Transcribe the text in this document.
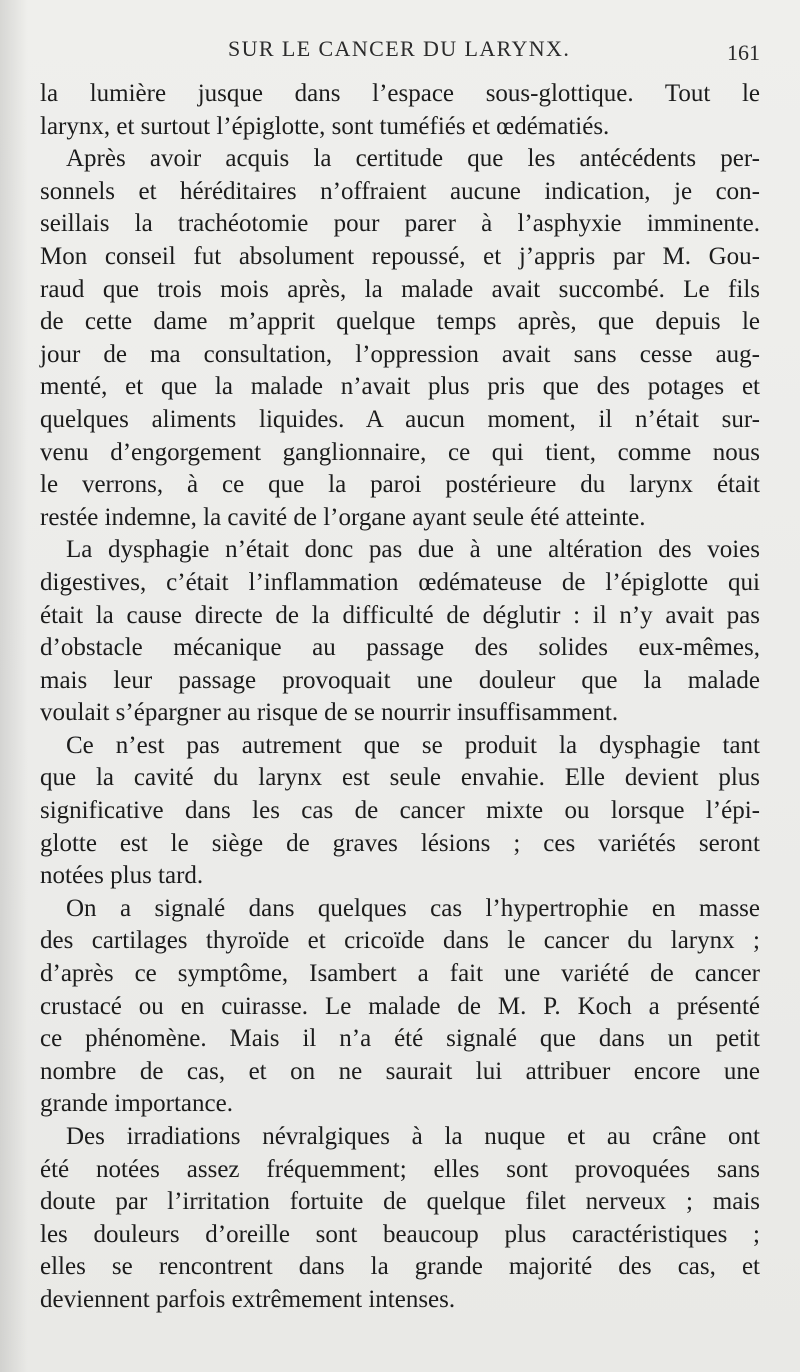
SUR LE CANCER DU LARYNX.	161

la lumière jusque dans l’espace sous-glottique. Tout le
larynx, et surtout l’épiglotte, sont tuméfiés et œdématiés.

Après avoir acquis la certitude que les antécédents per-
sonnels et héréditaires n’offraient aucune indication, je con-
seillais la trachéotomie pour parer à l’asphyxie imminente.
Mon conseil fut absolument repoussé, et j’appris par M. Gou-
raud que trois mois après, la malade avait succombé. Le fils
de cette dame m’apprit quelque temps après, que depuis le
jour de ma consultation, l’oppression avait sans cesse aug-
menté, et que la malade n’avait plus pris que des potages et
quelques aliments liquides. A aucun moment, il n’était sur-
venu d’engorgement ganglionnaire, ce qui tient, comme nous
le verrons, à ce que la paroi postérieure du larynx était
restée indemne, la cavité de l’organe ayant seule été atteinte.

La dysphagie n’était donc pas due à une altération des voies
digestives, c’était l’inflammation œdémateuse de l’épiglotte qui
était la cause directe de la difficulté de déglutir : il n’y avait pas
d’obstacle mécanique au passage des solides eux-mêmes,
mais leur passage provoquait une douleur que la malade
voulait s’épargner au risque de se nourrir insuffisamment.

Ce n’est pas autrement que se produit la dysphagie tant
que la cavité du larynx est seule envahie. Elle devient plus
significative dans les cas de cancer mixte ou lorsque l’épi-
glotte est le siège de graves lésions ; ces variétés seront
notées plus tard.

On a signalé dans quelques cas l’hypertrophie en masse
des cartilages thyroïde et cricoïde dans le cancer du larynx ;
d’après ce symptôme, Isambert a fait une variété de cancer
crustacé ou en cuirasse. Le malade de M. P. Koch a présenté
ce phénomène. Mais il n’a été signalé que dans un petit
nombre de cas, et on ne saurait lui attribuer encore une
grande importance.

Des irradiations névralgiques à la nuque et au crâne ont
été notées assez fréquemment; elles sont provoquées sans
doute par l’irritation fortuite de quelque filet nerveux ; mais
les douleurs d’oreille sont beaucoup plus caractéristiques ;
elles se rencontrent dans la grande majorité des cas, et
deviennent parfois extrêmement intenses.
